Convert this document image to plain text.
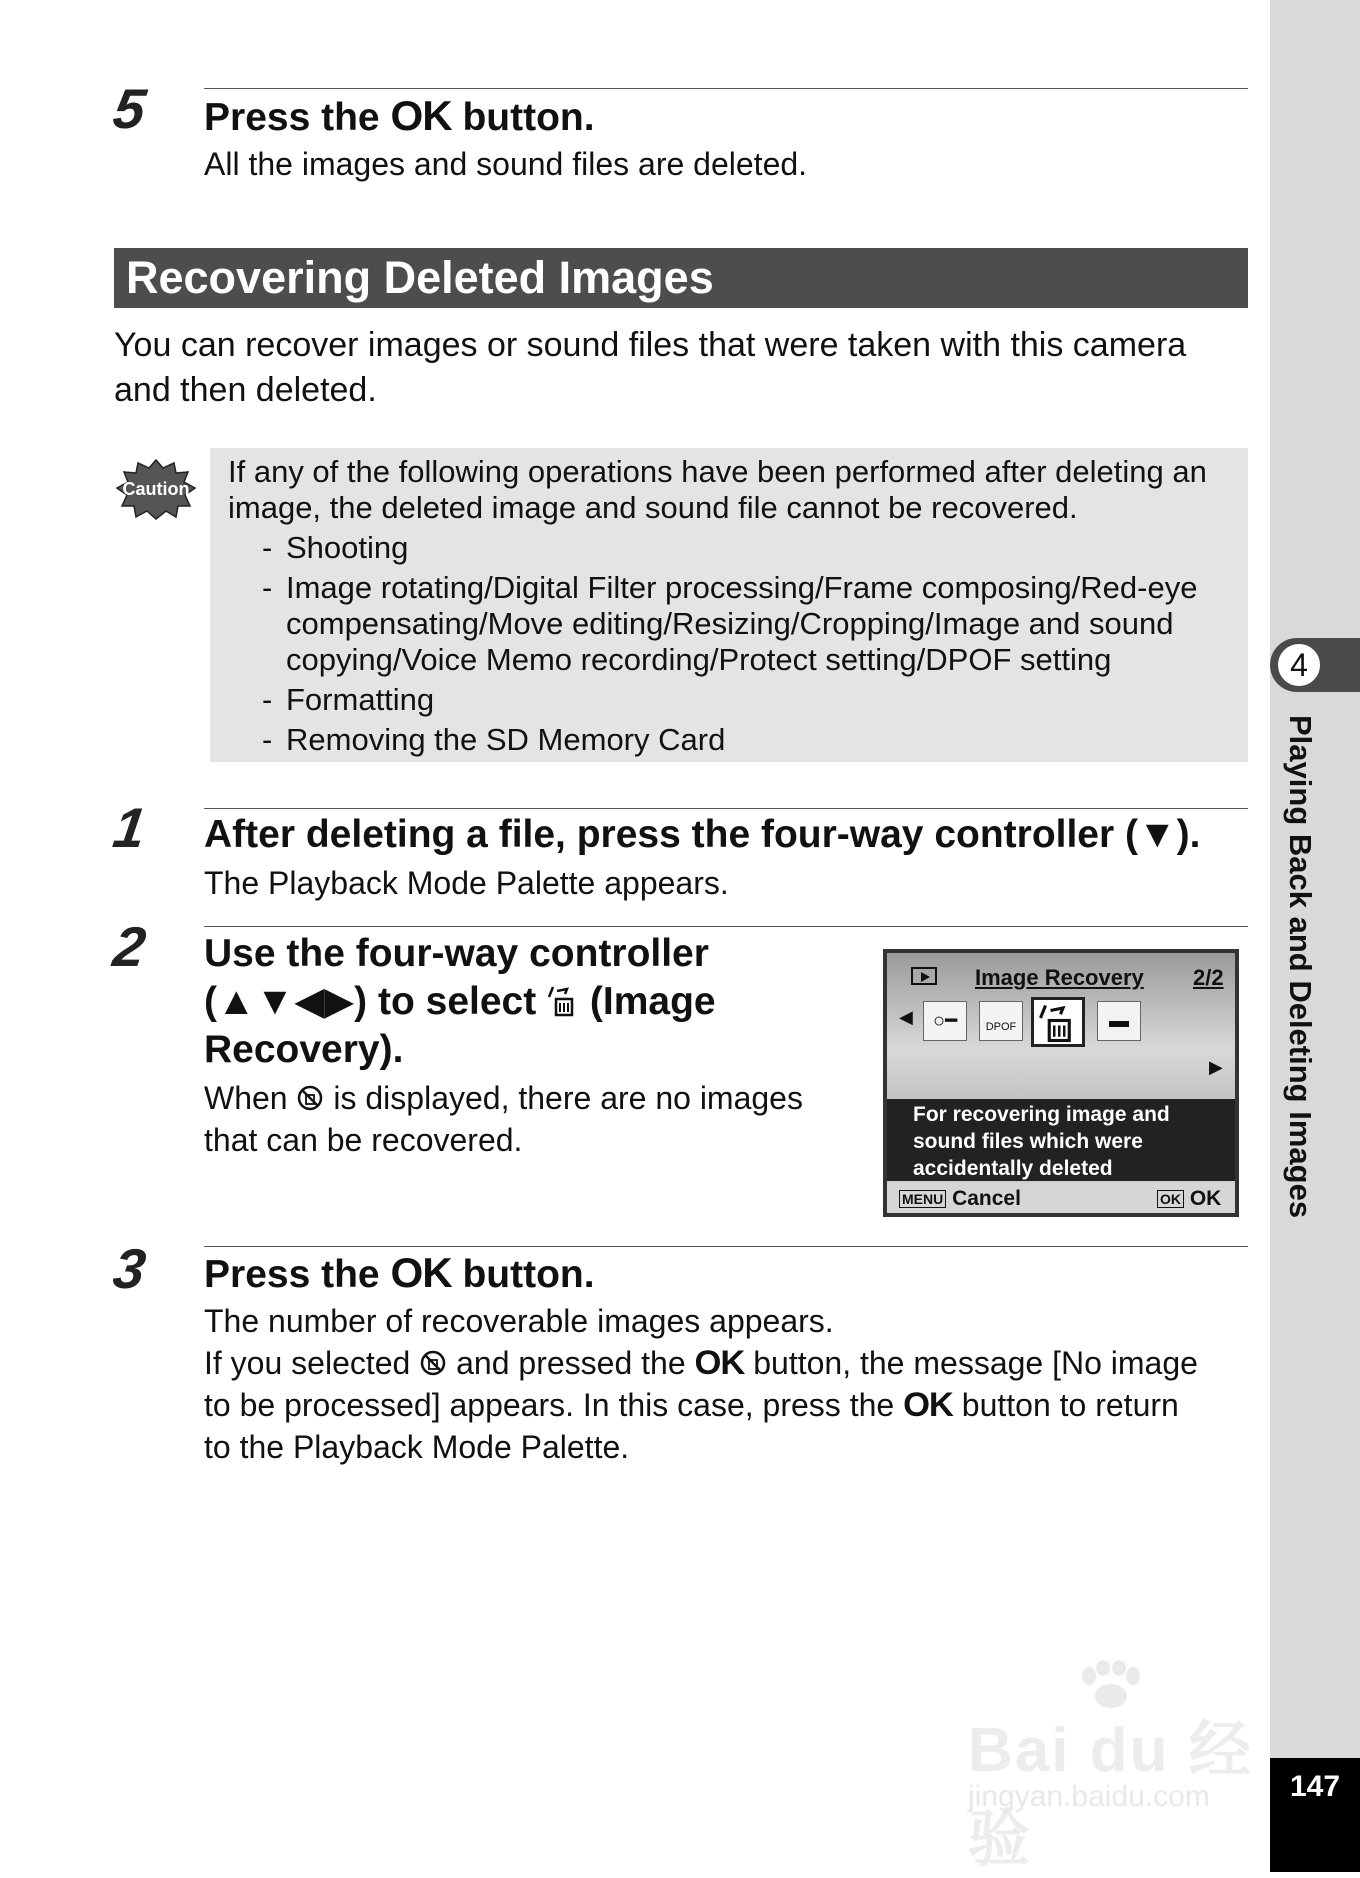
4
Playing Back and Deleting Images
147
5 Press the OK button.
All the images and sound files are deleted.
Recovering Deleted Images
You can recover images or sound files that were taken with this camera
and then deleted.
Caution If any of the following operations have been performed after deleting an
image, the deleted image and sound file cannot be recovered.
- Shooting
- Image rotating/Digital Filter processing/Frame composing/Red-eye
compensating/Move editing/Resizing/Cropping/Image and sound
copying/Voice Memo recording/Protect setting/DPOF setting
- Formatting
- Removing the SD Memory Card
1 After deleting a file, press the four-way controller (▼).
The Playback Mode Palette appears.
2 Use the four-way controller
(▲▼◀▶) to select  (Image
Recovery).
When  is displayed, there are no images
that can be recovered.
Image Recovery 2/2
◀	○━	DPOF	▬
▶
For recovering image and
sound files which were
accidentally deleted
MENU Cancel	OK OK
3 Press the OK button.
The number of recoverable images appears.
If you selected  and pressed the OK button, the message [No image
to be processed] appears. In this case, press the OK button to return
to the Playback Mode Palette.
Bai du 经验
jingyan.baidu.com
